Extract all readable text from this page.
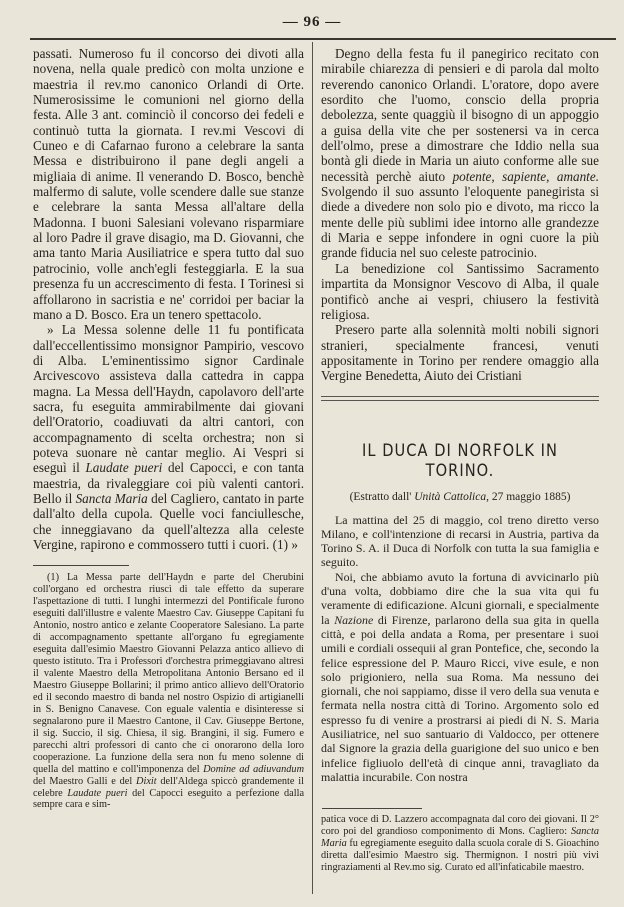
— 96 —

passati. Numeroso fu il concorso dei divoti alla novena, nella quale predicò con molta unzione e maestria il rev.mo canonico Orlandi di Orte. Numerosissime le comunioni nel giorno della festa. Alle 3 ant. cominciò il concorso dei fedeli e continuò tutta la giornata. I rev.mi Vescovi di Cuneo e di Cafarnao furono a celebrare la santa Messa e distribuirono il pane degli angeli a migliaia di anime. Il venerando D. Bosco, benchè malfermo di salute, volle scendere dalle sue stanze e celebrare la santa Messa all'altare della Madonna. I buoni Salesiani volevano risparmiare al loro Padre il grave disagio, ma D. Giovanni, che ama tanto Maria Ausiliatrice e spera tutto dal suo patrocinio, volle anch'egli festeggiarla. E la sua presenza fu un accrescimento di festa. I Torinesi si affollarono in sacristia e ne' corridoi per baciar la mano a D. Bosco. Era un tenero spettacolo.

» La Messa solenne delle 11 fu pontificata dall'eccellentissimo monsignor Pampirio, vescovo di Alba. L'eminentissimo signor Cardinale Arcivescovo assisteva dalla cattedra in cappa magna. La Messa dell'Haydn, capolavoro dell'arte sacra, fu eseguita ammirabilmente dai giovani dell'Oratorio, coadiuvati da altri cantori, con accompagnamento di scelta orchestra; non si poteva suonare nè cantar meglio. Ai Vespri si eseguì il Laudate pueri del Capocci, e con tanta maestria, da rivaleggiare coi più valenti cantori. Bello il Sancta Maria del Cagliero, cantato in parte dall'alto della cupola. Quelle voci fanciullesche, che inneggiavano da quell'altezza alla celeste Vergine, rapirono e commossero tutti i cuori. (1) »

(1) La Messa parte dell'Haydn e parte del Cherubini coll'organo ed orchestra riuscì di tale effetto da superare l'aspettazione di tutti. I lunghi intermezzi del Pontificale furono eseguiti dall'illustre e valente Maestro Cav. Giuseppe Capitani fu Antonio, nostro antico e zelante Cooperatore Salesiano. La parte di accompagnamento spettante all'organo fu egregiamente eseguita dall'esimio Maestro Giovanni Pelazza antico allievo di questo istituto. Tra i Professori d'orchestra primeggiavano altresì il valente Maestro della Metropolitana Antonio Bersano ed il Maestro Giuseppe Bollarini; il primo antico allievo dell'Oratorio ed il secondo maestro di banda nel nostro Ospizio di artigianelli in S. Benigno Canavese. Con eguale valentia e disinteresse si segnalarono pure il Maestro Cantone, il Cav. Giuseppe Bertone, il sig. Succio, il sig. Chiesa, il sig. Brangini, il sig. Fumero e parecchi altri professori di canto che ci onorarono della loro cooperazione. La funzione della sera non fu meno solenne di quella del mattino e coll'imponenza del Domine ad adiuvandum del Maestro Galli e del Dixit dell'Aldega spiccò grandemente il celebre Laudate pueri del Capocci eseguito a perfezione dalla sempre cara e sim-

Degno della festa fu il panegirico recitato con mirabile chiarezza di pensieri e di parola dal molto reverendo canonico Orlandi. L'oratore, dopo avere esordito che l'uomo, conscio della propria debolezza, sente quaggiù il bisogno di un appoggio a guisa della vite che per sostenersi va in cerca dell'olmo, prese a dimostrare che Iddio nella sua bontà gli diede in Maria un aiuto conforme alle sue necessità perchè aiuto potente, sapiente, amante. Svolgendo il suo assunto l'eloquente panegirista si diede a divedere non solo pio e divoto, ma ricco la mente delle più sublimi idee intorno alle grandezze di Maria e seppe infondere in ogni cuore la più grande fiducia nel suo celeste patrocinio.

La benedizione col Santissimo Sacramento impartita da Monsignor Vescovo di Alba, il quale pontificò anche ai vespri, chiusero la festività religiosa.

Presero parte alla solennità molti nobili signori stranieri, specialmente francesi, venuti appositamente in Torino per rendere omaggio alla Vergine Benedetta, Aiuto dei Cristiani

IL DUCA DI NORFOLK IN TORINO.
(Estratto dall' Unità Cattolica, 27 maggio 1885)

La mattina del 25 di maggio, col treno diretto verso Milano, e coll'intenzione di recarsi in Austria, partiva da Torino S. A. il Duca di Norfolk con tutta la sua famiglia e seguito.

Noi, che abbiamo avuto la fortuna di avvicinarlo più d'una volta, dobbiamo dire che la sua vita qui fu veramente di edificazione. Alcuni giornali, e specialmente la Nazione di Firenze, parlarono della sua gita in quella città, e poi della andata a Roma, per presentare i suoi umili e cordiali ossequii al gran Pontefice, che, secondo la felice espressione del P. Mauro Ricci, vive esule, e non solo prigioniero, nella sua Roma. Ma nessuno dei giornali, che noi sappiamo, disse il vero della sua venuta e fermata nella nostra città di Torino. Argomento solo ed espresso fu di venire a prostrarsi ai piedi di N. S. Maria Ausiliatrice, nel suo santuario di Valdocco, per ottenere dal Signore la grazia della guarigione del suo unico e ben infelice figliuolo dell'età di cinque anni, travagliato da malattia incurabile. Con nostra

patica voce di D. Lazzero accompagnata dal coro dei giovani. Il 2° coro poi del grandioso componimento di Mons. Cagliero: Sancta Maria fu egregiamente eseguito dalla scuola corale di S. Gioachino diretta dall'esimio Maestro sig. Thermignon. I nostri più vivi ringraziamenti al Rev.mo sig. Curato ed all'infaticabile maestro.
